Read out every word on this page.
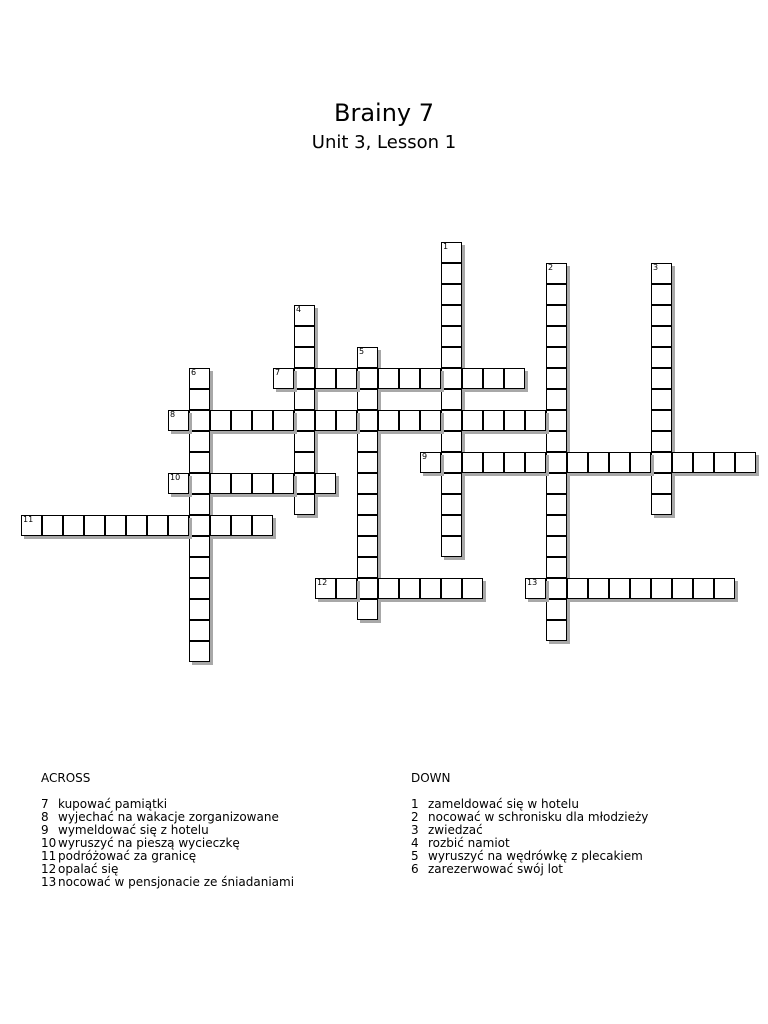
Brainy 7
Unit 3, Lesson 1
1
2	3
4
5
6	7
8
9
10
11
12	13
ACROSS
7 kupować pamiątki
8 wyjechać na wakacje zorganizowane
9 wymeldować się z hotelu
10 wyruszyć na pieszą wycieczkę
11 podróżować za granicę
12 opalać się
13 nocować w pensjonacie ze śniadaniami
DOWN
1 zameldować się w hotelu
2 nocować w schronisku dla młodzieży
3 zwiedzać
4 rozbić namiot
5 wyruszyć na wędrówkę z plecakiem
6 zarezerwować swój lot
